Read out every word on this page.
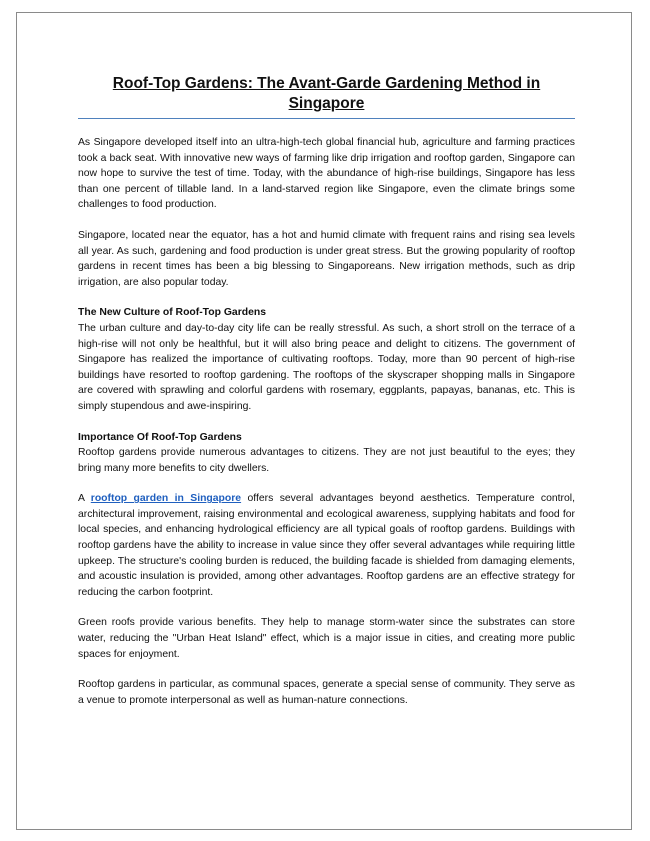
Roof-Top Gardens: The Avant-Garde Gardening Method in Singapore

As Singapore developed itself into an ultra-high-tech global financial hub, agriculture and farming practices took a back seat. With innovative new ways of farming like drip irrigation and rooftop garden, Singapore can now hope to survive the test of time. Today, with the abundance of high-rise buildings, Singapore has less than one percent of tillable land. In a land-starved region like Singapore, even the climate brings some challenges to food production.

Singapore, located near the equator, has a hot and humid climate with frequent rains and rising sea levels all year. As such, gardening and food production is under great stress. But the growing popularity of rooftop gardens in recent times has been a big blessing to Singaporeans. New irrigation methods, such as drip irrigation, are also popular today.

The New Culture of Roof-Top Gardens

The urban culture and day-to-day city life can be really stressful. As such, a short stroll on the terrace of a high-rise will not only be healthful, but it will also bring peace and delight to citizens. The government of Singapore has realized the importance of cultivating rooftops. Today, more than 90 percent of high-rise buildings have resorted to rooftop gardening. The rooftops of the skyscraper shopping malls in Singapore are covered with sprawling and colorful gardens with rosemary, eggplants, papayas, bananas, etc. This is simply stupendous and awe-inspiring.

Importance Of Roof-Top Gardens

Rooftop gardens provide numerous advantages to citizens. They are not just beautiful to the eyes; they bring many more benefits to city dwellers.

A rooftop garden in Singapore offers several advantages beyond aesthetics. Temperature control, architectural improvement, raising environmental and ecological awareness, supplying habitats and food for local species, and enhancing hydrological efficiency are all typical goals of rooftop gardens. Buildings with rooftop gardens have the ability to increase in value since they offer several advantages while requiring little upkeep. The structure's cooling burden is reduced, the building facade is shielded from damaging elements, and acoustic insulation is provided, among other advantages. Rooftop gardens are an effective strategy for reducing the carbon footprint.

Green roofs provide various benefits. They help to manage storm-water since the substrates can store water, reducing the "Urban Heat Island" effect, which is a major issue in cities, and creating more public spaces for enjoyment.

Rooftop gardens in particular, as communal spaces, generate a special sense of community. They serve as a venue to promote interpersonal as well as human-nature connections.
